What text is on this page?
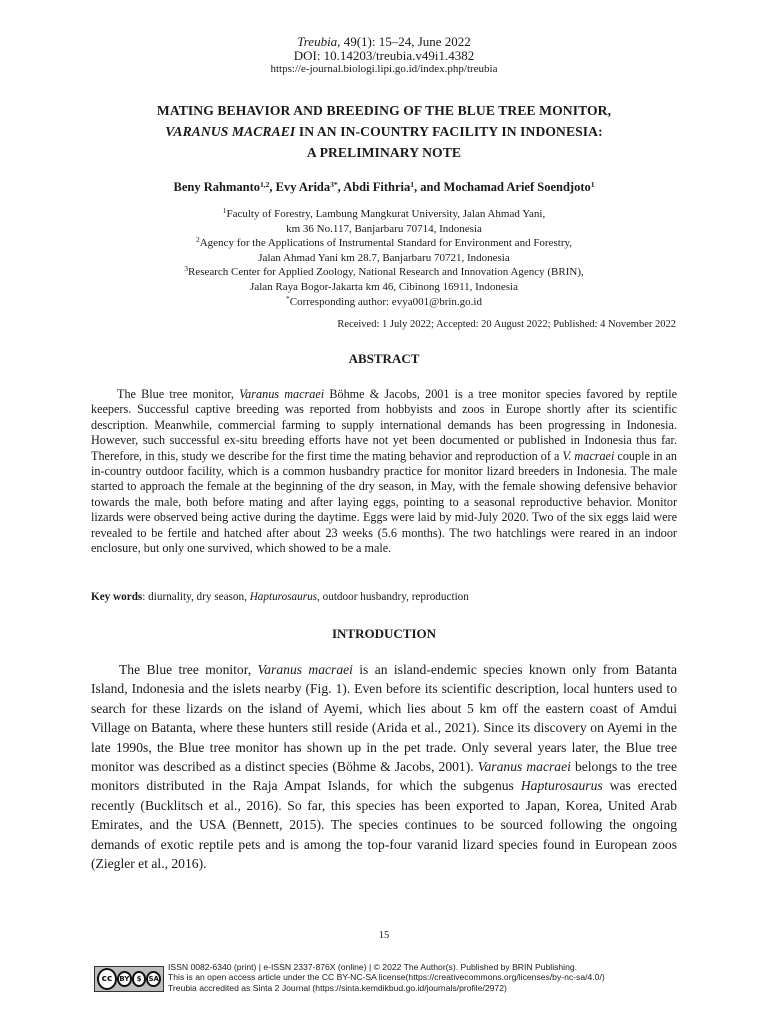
Treubia, 49(1): 15–24, June 2022
DOI: 10.14203/treubia.v49i1.4382
https://e-journal.biologi.lipi.go.id/index.php/treubia
MATING BEHAVIOR AND BREEDING OF THE BLUE TREE MONITOR,
VARANUS MACRAEI IN AN IN-COUNTRY FACILITY IN INDONESIA:
A PRELIMINARY NOTE
Beny Rahmanto$^{1,2}$, Evy Arida$^{3*}$, Abdi Fithria$^1$, and Mochamad Arief Soendjoto$^1$
$^1$Faculty of Forestry, Lambung Mangkurat University, Jalan Ahmad Yani,
km 36 No.117, Banjarbaru 70714, Indonesia
$^2$Agency for the Applications of Instrumental Standard for Environment and Forestry,
Jalan Ahmad Yani km 28.7, Banjarbaru 70721, Indonesia
$^3$Research Center for Applied Zoology, National Research and Innovation Agency (BRIN),
Jalan Raya Bogor-Jakarta km 46, Cibinong 16911, Indonesia
*Corresponding author: evya001@brin.go.id
Received: 1 July 2022; Accepted: 20 August 2022; Published: 4 November 2022
ABSTRACT

The Blue tree monitor, Varanus macraei Böhme & Jacobs, 2001 is a tree monitor species favored by reptile keepers. Successful captive breeding was reported from hobbyists and zoos in Europe shortly after its scientific description. Meanwhile, commercial farming to supply international demands has been progressing in Indonesia. However, such successful ex-situ breeding efforts have not yet been documented or published in Indonesia thus far. Therefore, in this, study we describe for the first time the mating behavior and reproduction of a V. macraei couple in an in-country outdoor facility, which is a common husbandry practice for monitor lizard breeders in Indonesia. The male started to approach the female at the beginning of the dry season, in May, with the female showing defensive behavior towards the male, both before mating and after laying eggs, pointing to a seasonal reproductive behavior. Monitor lizards were observed being active during the daytime. Eggs were laid by mid-July 2020. Two of the six eggs laid were revealed to be fertile and hatched after about 23 weeks (5.6 months). The two hatchlings were reared in an indoor enclosure, but only one survived, which showed to be a male.

Key words: diurnality, dry season, Hapturosaurus, outdoor husbandry, reproduction
INTRODUCTION

The Blue tree monitor, Varanus macraei is an island-endemic species known only from Batanta Island, Indonesia and the islets nearby (Fig. 1). Even before its scientific description, local hunters used to search for these lizards on the island of Ayemi, which lies about 5 km off the eastern coast of Amdui Village on Batanta, where these hunters still reside (Arida et al., 2021). Since its discovery on Ayemi in the late 1990s, the Blue tree monitor has shown up in the pet trade. Only several years later, the Blue tree monitor was described as a distinct species (Böhme & Jacobs, 2001). Varanus macraei belongs to the tree monitors distributed in the Raja Ampat Islands, for which the subgenus Hapturosaurus was erected recently (Bucklitsch et al., 2016). So far, this species has been exported to Japan, Korea, United Arab Emirates, and the USA (Bennett, 2015). The species continues to be sourced following the ongoing demands of exotic reptile pets and is among the top-four varanid lizard species found in European zoos (Ziegler et al., 2016).

15
cc BY	$	SA
ISSN 0082-6340 (print) | e-ISSN 2337-876X (online) | © 2022 The Author(s). Published by BRIN Publishing.
This is an open access article under the CC BY-NC-SA license(https://creativecommons.org/licenses/by-nc-sa/4.0/)
Treubia accredited as Sinta 2 Journal (https://sinta.kemdikbud.go.id/journals/profile/2972)
